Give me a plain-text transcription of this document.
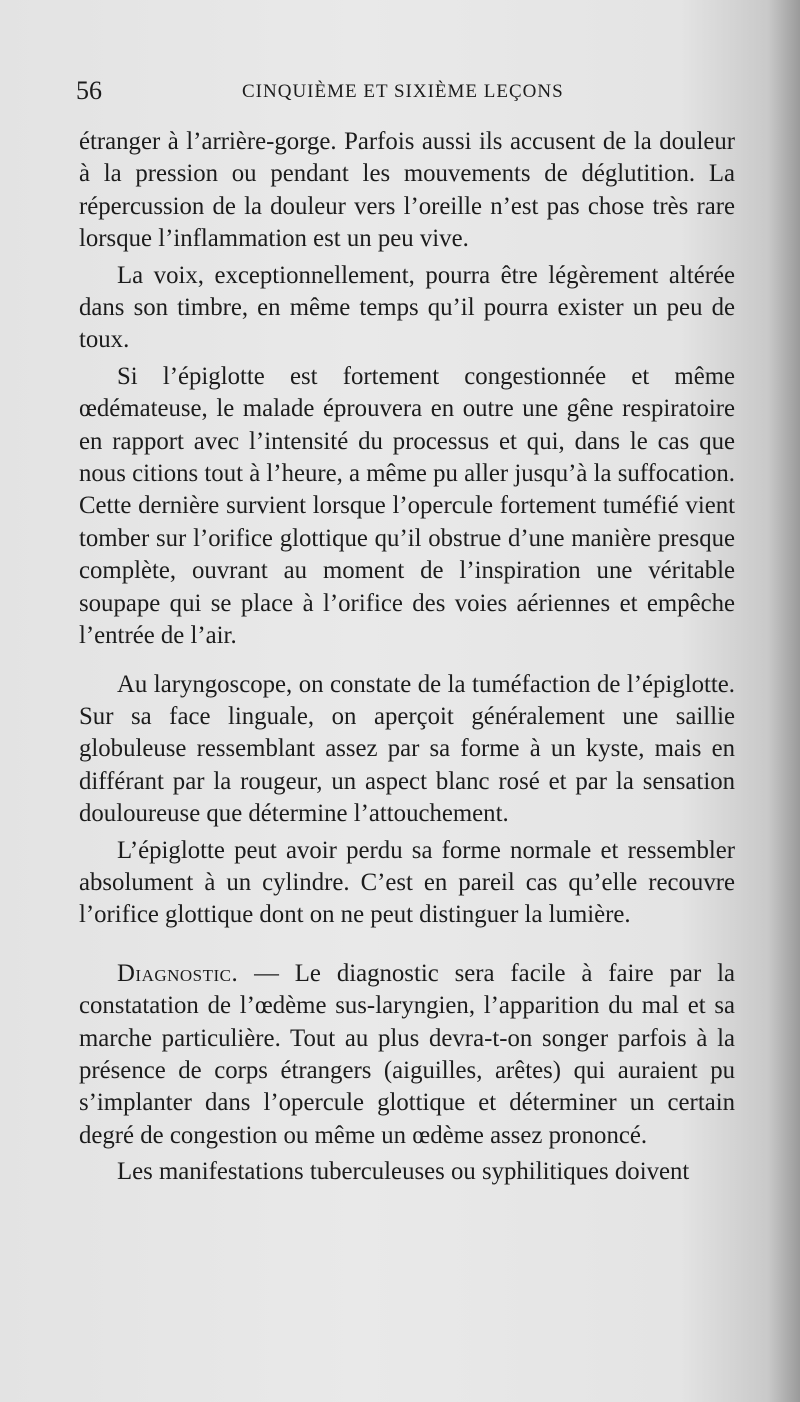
56	CINQUIÈME ET SIXIÈME LEÇONS

étranger à l’arrière-gorge. Parfois aussi ils accusent de la douleur à la pression ou pendant les mouvements de déglutition. La répercussion de la douleur vers l’oreille n’est pas chose très rare lorsque l’inflammation est un peu vive.

La voix, exceptionnellement, pourra être légèrement altérée dans son timbre, en même temps qu’il pourra exister un peu de toux.

Si l’épiglotte est fortement congestionnée et même œdémateuse, le malade éprouvera en outre une gêne respiratoire en rapport avec l’intensité du processus et qui, dans le cas que nous citions tout à l’heure, a même pu aller jusqu’à la suffocation. Cette dernière survient lorsque l’opercule fortement tuméfié vient tomber sur l’orifice glottique qu’il obstrue d’une manière presque complète, ouvrant au moment de l’inspiration une véritable soupape qui se place à l’orifice des voies aériennes et empêche l’entrée de l’air.

Au laryngoscope, on constate de la tuméfaction de l’épiglotte. Sur sa face linguale, on aperçoit généralement une saillie globuleuse ressemblant assez par sa forme à un kyste, mais en différant par la rougeur, un aspect blanc rosé et par la sensation douloureuse que détermine l’attouchement.

L’épiglotte peut avoir perdu sa forme normale et ressembler absolument à un cylindre. C’est en pareil cas qu’elle recouvre l’orifice glottique dont on ne peut distinguer la lumière.

Diagnostic. — Le diagnostic sera facile à faire par la constatation de l’œdème sus-laryngien, l’apparition du mal et sa marche particulière. Tout au plus devra-t-on songer parfois à la présence de corps étrangers (aiguilles, arêtes) qui auraient pu s’implanter dans l’opercule glottique et déterminer un certain degré de congestion ou même un œdème assez prononcé.

Les manifestations tuberculeuses ou syphilitiques doivent
